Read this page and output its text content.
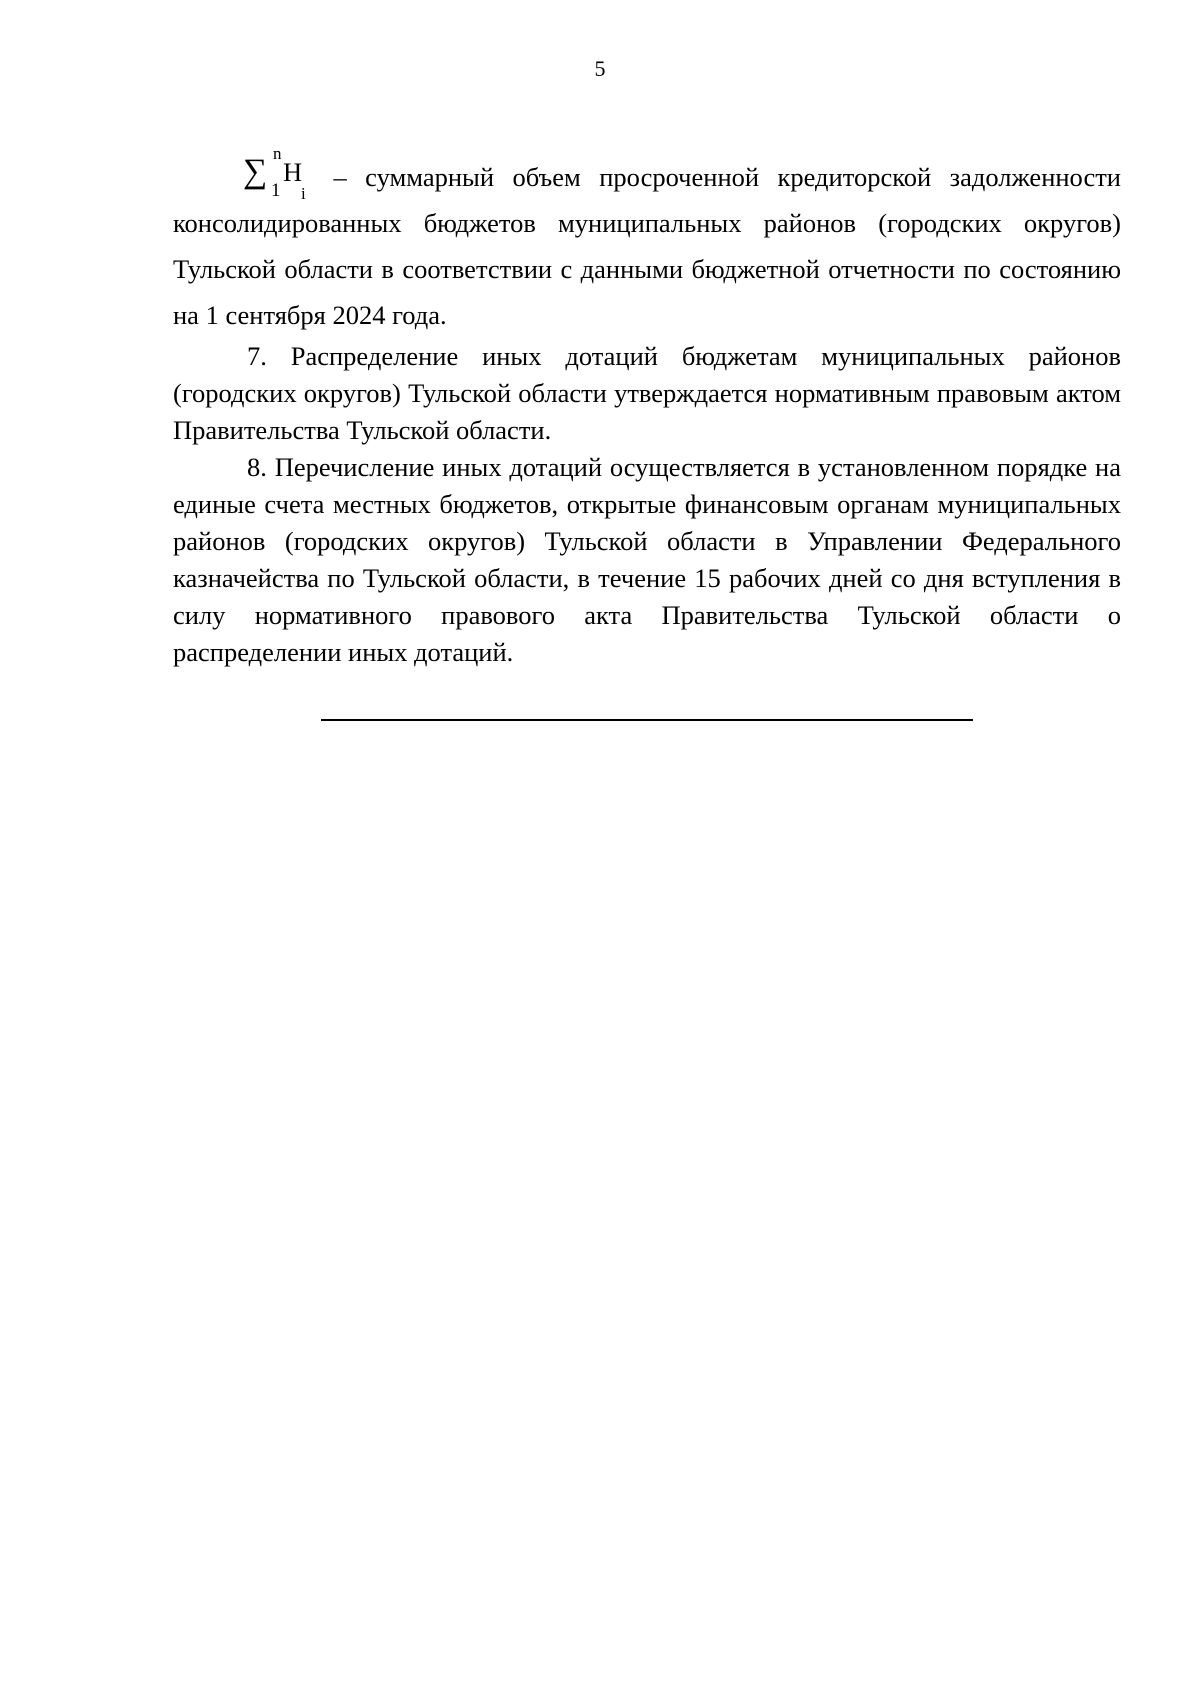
5

∑ n
1
Н
i
– суммарный объем просроченной кредиторской задолженности консолидированных бюджетов муниципальных районов (городских округов) Тульской области в соответствии с данными бюджетной отчетности по состоянию на 1 сентября 2024 года.

7. Распределение иных дотаций бюджетам муниципальных районов (городских округов) Тульской области утверждается нормативным правовым актом Правительства Тульской области.

8. Перечисление иных дотаций осуществляется в установленном порядке на единые счета местных бюджетов, открытые финансовым органам муниципальных районов (городских округов) Тульской области в Управлении Федерального казначейства по Тульской области, в течение 15 рабочих дней со дня вступления в силу нормативного правового акта Правительства Тульской области о распределении иных дотаций.
